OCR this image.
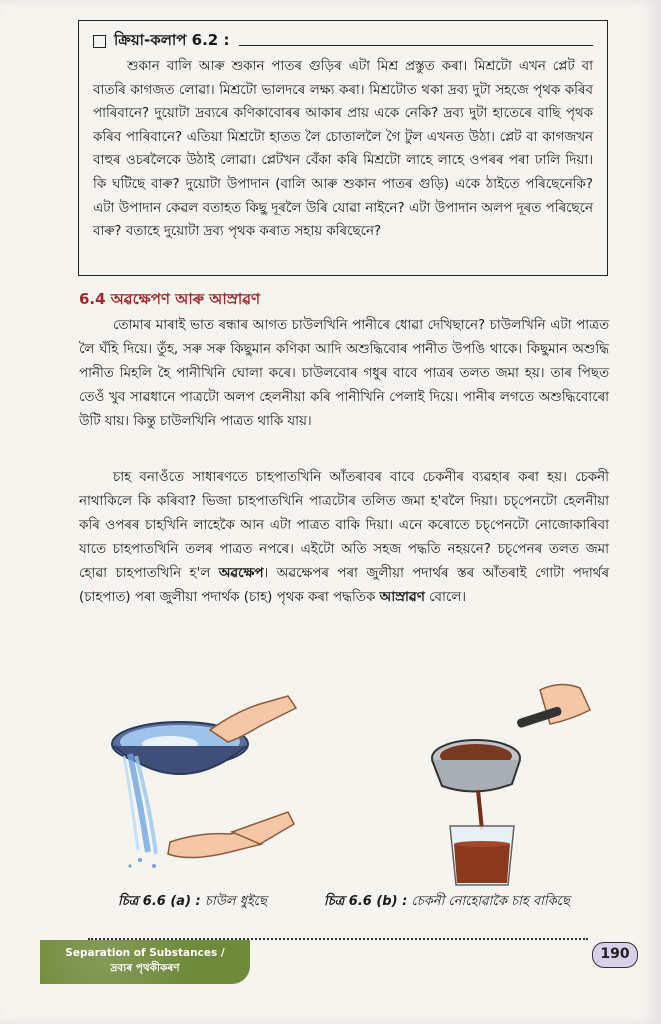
ক্ৰিয়া-কলাপ 6.2 :
শুকান বালি আৰু শুকান পাতৰ গুড়িৰ এটা মিশ্ৰ প্ৰস্তুত কৰা। মিশ্ৰটো এখন প্লেট বা বাতৰি কাগজত লোৱা। মিশ্ৰটো ভালদৰে লক্ষ্য কৰা। মিশ্ৰটোত থকা দ্ৰব্য দুটা সহজে পৃথক কৰিব পাৰিবানে? দুয়োটা দ্ৰব্যৰে কণিকাবোৰৰ আকাৰ প্ৰায় একে নেকি? দ্ৰব্য দুটা হাতেৰে বাছি পৃথক কৰিব পাৰিবানে? এতিয়া মিশ্ৰটো হাতত লৈ চোতাললৈ গৈ টুল এখনত উঠা। প্লেট বা কাগজখন বাহুৰ ওচৰলৈকে উঠাই লোৱা। প্লেটখন বেঁকা কৰি মিশ্ৰটো লাহে লাহে ওপৰৰ পৰা ঢালি দিয়া। কি ঘটিছে বাৰু? দুয়োটা উপাদান (বালি আৰু শুকান পাতৰ গুড়ি) একে ঠাইতে পৰিছেনেকি? এটা উপাদান কেৱল বতাহত কিছু দূৰলৈ উৰি যোৱা নাইনে? এটা উপাদান অলপ দূৰত পৰিছেনে বাৰু? বতাহে দুয়োটা দ্ৰব্য পৃথক কৰাত সহায় কৰিছেনে?
6.4 অৱক্ষেপণ আৰু আস্ৰাৱণ
তোমাৰ মাৰাই ভাত ৰন্ধাৰ আগত চাউলখিনি পানীৰে ধোৱা দেখিছানে? চাউলখিনি এটা পাত্ৰত লৈ ঘঁহি দিয়ে। তুঁহ, সৰু সৰু কিছুমান কণিকা আদি অশুদ্ধিবোৰ পানীত উপঙি থাকে। কিছুমান অশুদ্ধি পানীত মিহলি হৈ পানীখিনি ঘোলা কৰে। চাউলবোৰ গধুৰ বাবে পাত্ৰৰ তলত জমা হয়। তাৰ পিছত তেওঁ খুব সাৱধানে পাত্ৰটো অলপ হেলনীয়া কৰি পানীখিনি পেলাই দিয়ে। পানীৰ লগতে অশুদ্ধিবোৰো উটি যায়। কিন্তু চাউলখিনি পাত্ৰত থাকি যায়।
চাহ বনাওঁতে সাধাৰণতে চাহপাতখিনি আঁতৰাবৰ বাবে চেকনীৰ ব্যৱহাৰ কৰা হয়। চেকনী নাথাকিলে কি কৰিবা? ভিজা চাহপাতখিনি পাত্ৰটোৰ তলিত জমা হ'বলৈ দিয়া। চচ্‌পেনটো হেলনীয়া কৰি ওপৰৰ চাহখিনি লাহেকৈ আন এটা পাত্ৰত বাকি দিয়া। এনে কৰোতে চচ্‌পেনটো নোজোকাৰিবা যাতে চাহপাতখিনি তলৰ পাত্ৰত নপৰে। এইটো অতি সহজ পদ্ধতি নহয়নে? চচ্‌পেনৰ তলত জমা হোৱা চাহপাতখিনি হ'ল অৱক্ষেপ। অৱক্ষেপৰ পৰা জুলীয়া পদাৰ্থৰ স্তৰ আঁতৰাই গোটা পদাৰ্থৰ (চাহপাত) পৰা জুলীয়া পদাৰ্থক (চাহ) পৃথক কৰা পদ্ধতিক আস্ৰাৱণ বোলে।
চিত্ৰ 6.6 (a) : চাউল ধুইছে	চিত্ৰ 6.6 (b) : চেকনী নোহোৱাকৈ চাহ বাকিছে
Separation of Substances /
দ্ৰব্যৰ পৃথকীকৰণ
190
